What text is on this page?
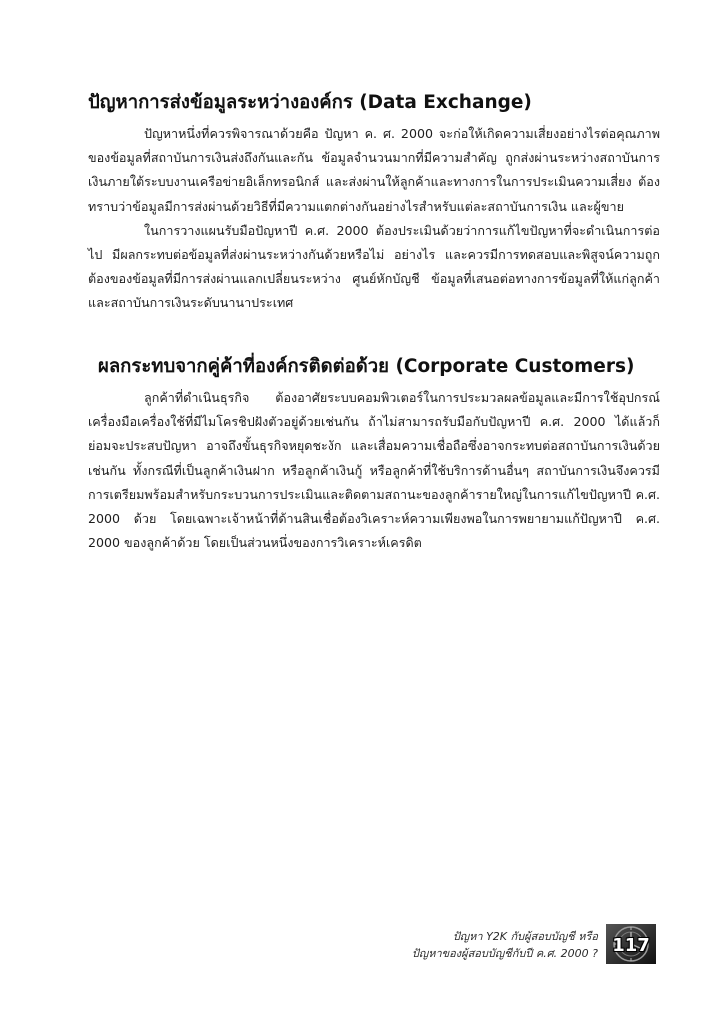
ปัญหาการส่งข้อมูลระหว่างองค์กร (Data Exchange)

ปัญหาหนึ่งที่ควรพิจารณาด้วยคือ ปัญหา ค. ศ. 2000 จะก่อให้เกิดความเสี่ยงอย่างไรต่อคุณภาพของข้อมูลที่สถาบันการเงินส่งถึงกันและกัน ข้อมูลจำนวนมากที่มีความสำคัญ ถูกส่งผ่านระหว่างสถาบันการเงินภายใต้ระบบงานเครือข่ายอิเล็กทรอนิกส์ และส่งผ่านให้ลูกค้าและทางการในการประเมินความเสี่ยง ต้องทราบว่าข้อมูลมีการส่งผ่านด้วยวิธีที่มีความแตกต่างกันอย่างไรสำหรับแต่ละสถาบันการเงิน และผู้ขาย

ในการวางแผนรับมือปัญหาปี ค.ศ. 2000 ต้องประเมินด้วยว่าการแก้ไขปัญหาที่จะดำเนินการต่อไป มีผลกระทบต่อข้อมูลที่ส่งผ่านระหว่างกันด้วยหรือไม่ อย่างไร และควรมีการทดสอบและพิสูจน์ความถูกต้องของข้อมูลที่มีการส่งผ่านแลกเปลี่ยนระหว่าง ศูนย์หักบัญชี ข้อมูลที่เสนอต่อทางการข้อมูลที่ให้แก่ลูกค้าและสถาบันการเงินระดับนานาประเทศ

ผลกระทบจากคู่ค้าที่องค์กรติดต่อด้วย (Corporate Customers)

ลูกค้าที่ดำเนินธุรกิจ ต้องอาศัยระบบคอมพิวเตอร์ในการประมวลผลข้อมูลและมีการใช้อุปกรณ์เครื่องมือเครื่องใช้ที่มีไมโครชิปฝังตัวอยู่ด้วยเช่นกัน ถ้าไม่สามารถรับมือกับปัญหาปี ค.ศ. 2000 ได้แล้วก็ย่อมจะประสบปัญหา อาจถึงขั้นธุรกิจหยุดชะงัก และเสื่อมความเชื่อถือซึ่งอาจกระทบต่อสถาบันการเงินด้วยเช่นกัน ทั้งกรณีที่เป็นลูกค้าเงินฝาก หรือลูกค้าเงินกู้ หรือลูกค้าที่ใช้บริการด้านอื่นๆ สถาบันการเงินจึงควรมีการเตรียมพร้อมสำหรับกระบวนการประเมินและติดตามสถานะของลูกค้ารายใหญ่ในการแก้ไขปัญหาปี ค.ศ. 2000 ด้วย โดยเฉพาะเจ้าหน้าที่ด้านสินเชื่อต้องวิเคราะห์ความเพียงพอในการพยายามแก้ปัญหาปี ค.ศ. 2000 ของลูกค้าด้วย โดยเป็นส่วนหนึ่งของการวิเคราะห์เครดิต

ปัญหา Y2K กับผู้สอบบัญชี หรือ
ปัญหาของผู้สอบบัญชีกับปี ค.ศ. 2000 ? 117
